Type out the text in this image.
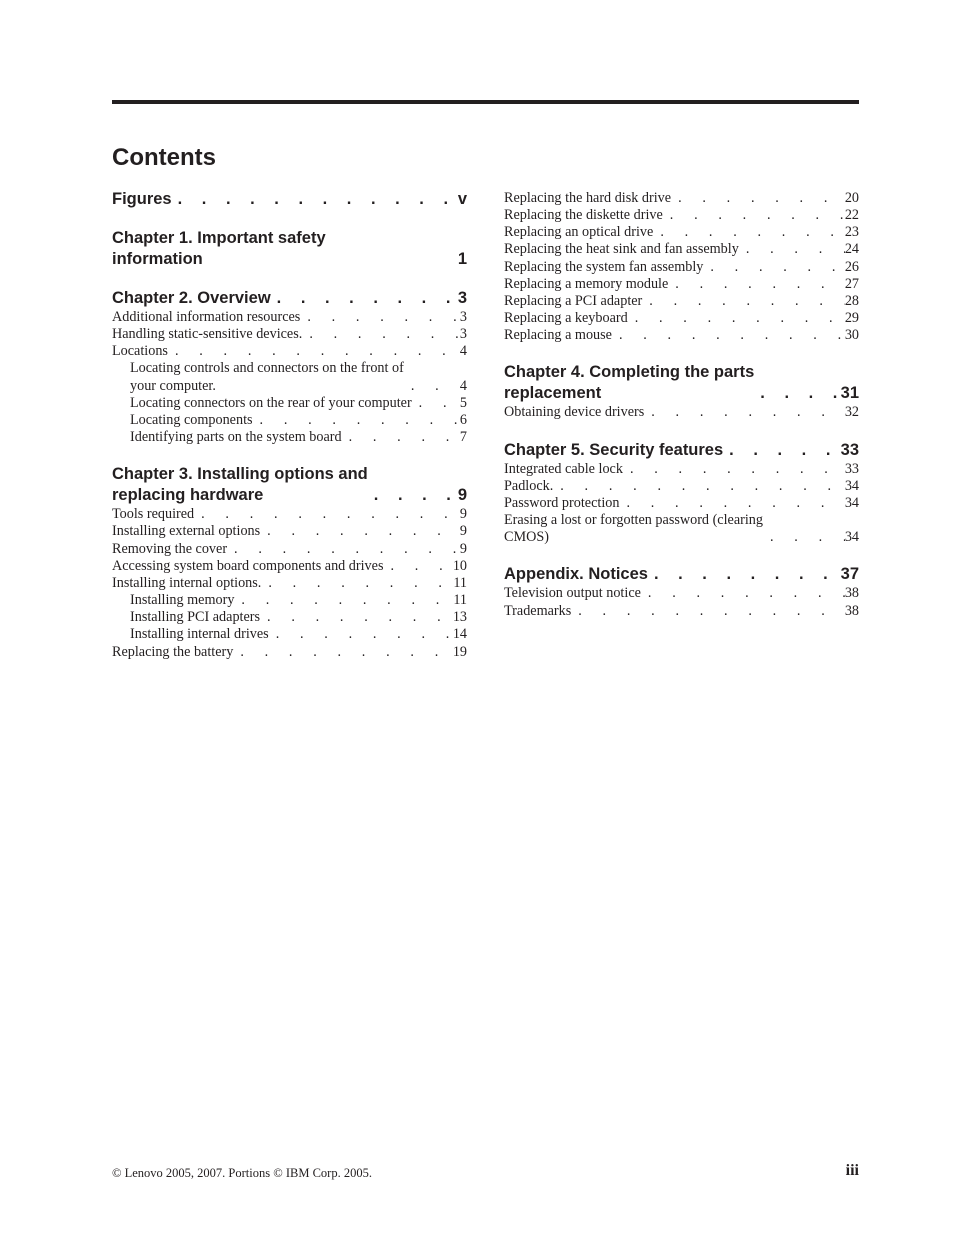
Contents
Figures . . .	v
Chapter 1. Important safety information	1
Chapter 2. Overview . . .	3
Additional information resources . . .	3
Handling static-sensitive devices. . . .	3
Locations . . .	4
Locating controls and connectors on the front of
your computer. . . .	4
Locating connectors on the rear of your computer . . .	5
Locating components . . .	6
Identifying parts on the system board . . .	7
Chapter 3. Installing options and
replacing hardware . . .	9
Tools required . . .	9
Installing external options . . .	9
Removing the cover . . .	9
Accessing system board components and drives . . .	10
Installing internal options. . . .	11
Installing memory . . .	11
Installing PCI adapters . . .	13
Installing internal drives . . .	14
Replacing the battery . . .	19
Replacing the hard disk drive . . .	20
Replacing the diskette drive . . .	22
Replacing an optical drive . . .	23
Replacing the heat sink and fan assembly . . .	24
Replacing the system fan assembly . . .	26
Replacing a memory module . . .	27
Replacing a PCI adapter . . .	28
Replacing a keyboard . . .	29
Replacing a mouse . . .	30
Chapter 4. Completing the parts
replacement . . .	31
Obtaining device drivers . . .	32
Chapter 5. Security features . . .	33
Integrated cable lock . . .	33
Padlock. . . .	34
Password protection . . .	34
Erasing a lost or forgotten password (clearing
CMOS) . . .	34
Appendix. Notices . . .	37
Television output notice . . .	38
Trademarks . . .	38
© Lenovo 2005, 2007. Portions © IBM Corp. 2005.	iii
